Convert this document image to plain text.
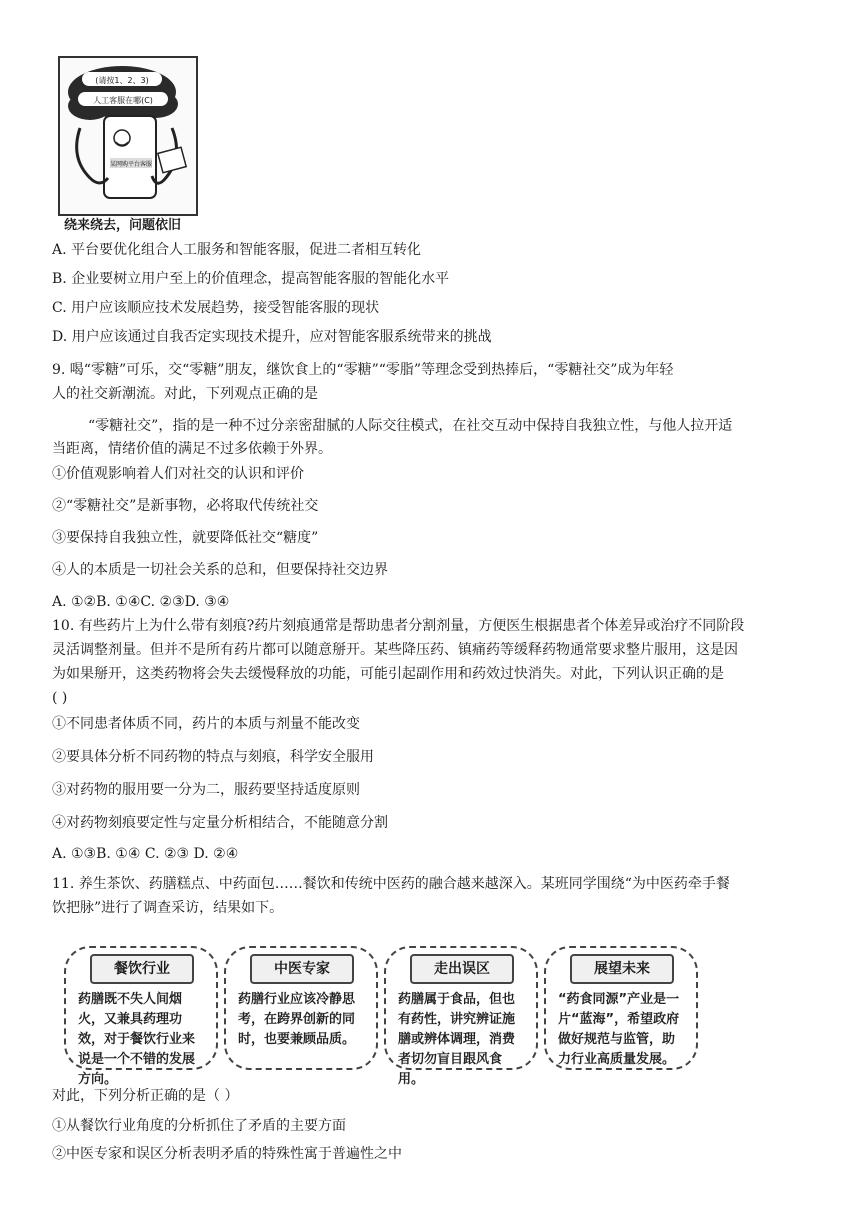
(请按1、2、3)
人工客服在哪(C)
某网购平台客服
绕来绕去，问题依旧
A. 平台要优化组合人工服务和智能客服，促进二者相互转化
B. 企业要树立用户至上的价值理念，提高智能客服的智能化水平
C. 用户应该顺应技术发展趋势，接受智能客服的现状
D. 用户应该通过自我否定实现技术提升，应对智能客服系统带来的挑战
9. 喝“零糖”可乐，交“零糖”朋友，继饮食上的“零糖”“零脂”等理念受到热捧后，“零糖社交”成为年轻
人的社交新潮流。对此，下列观点正确的是
“零糖社交”，指的是一种不过分亲密甜腻的人际交往模式，在社交互动中保持自我独立性，与他人拉开适
当距离，情绪价值的满足不过多依赖于外界。
①价值观影响着人们对社交的认识和评价
②“零糖社交”是新事物，必将取代传统社交
③要保持自我独立性，就要降低社交“糖度”
④人的本质是一切社会关系的总和，但要保持社交边界
A. ①②B. ①④C. ②③D. ③④
10. 有些药片上为什么带有刻痕?药片刻痕通常是帮助患者分割剂量，方便医生根据患者个体差异或治疗不同阶段
灵活调整剂量。但并不是所有药片都可以随意掰开。某些降压药、镇痛药等缓释药物通常要求整片服用，这是因
为如果掰开，这类药物将会失去缓慢释放的功能，可能引起副作用和药效过快消失。对此，下列认识正确的是
( )
①不同患者体质不同，药片的本质与剂量不能改变
②要具体分析不同药物的特点与刻痕，科学安全服用
③对药物的服用要一分为二，服药要坚持适度原则
④对药物刻痕要定性与定量分析相结合，不能随意分割
A. ①③B. ①④ C. ②③ D. ②④
11. 养生茶饮、药膳糕点、中药面包……餐饮和传统中医药的融合越来越深入。某班同学围绕“为中医药牵手餐
饮把脉”进行了调查采访，结果如下。
餐饮行业
药膳既不失人间烟火，又兼具药理功效，对于餐饮行业来说是一个不错的发展方向。
中医专家
药膳行业应该冷静思考，在跨界创新的同时，也要兼顾品质。
走出误区
药膳属于食品，但也有药性，讲究辨证施膳或辨体调理，消费者切勿盲目跟风食用。
展望未来
“药食同源”产业是一片“蓝海”，希望政府做好规范与监管，助力行业高质量发展。
对此，下列分析正确的是（ ）
①从餐饮行业角度的分析抓住了矛盾的主要方面
②中医专家和误区分析表明矛盾的特殊性寓于普遍性之中
